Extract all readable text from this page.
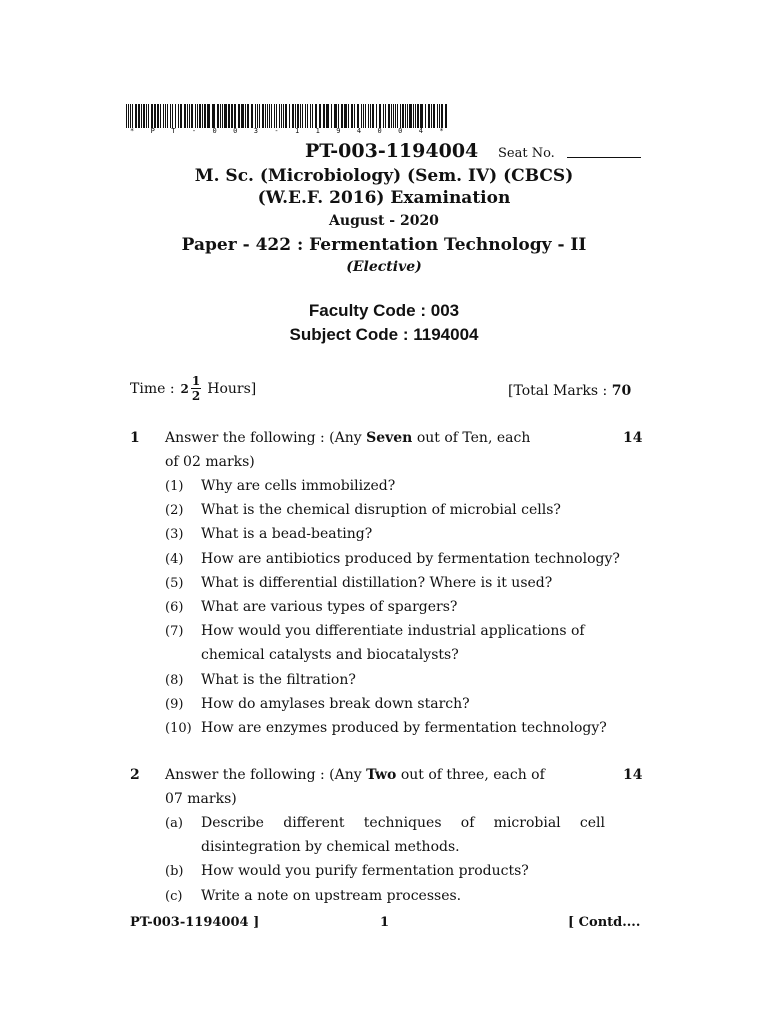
* P T - 0 0 3 - 1 1 9 4 0 0 4 *
PT-003-1194004 Seat No.
M. Sc. (Microbiology) (Sem. IV) (CBCS)
(W.E.F. 2016) Examination
August - 2020
Paper - 422 : Fermentation Technology - II
(Elective)
Faculty Code : 003
Subject Code : 1194004
Time : $2 \frac{1}{2}$ Hours]	[Total Marks : 70
1 Answer the following : (Any Seven out of Ten, each
of 02 marks)
14
(1) Why are cells immobilized?
(2) What is the chemical disruption of microbial cells?
(3) What is a bead-beating?
(4) How are antibiotics produced by fermentation technology?
(5) What is differential distillation? Where is it used?
(6) What are various types of spargers?
(7) How would you differentiate industrial applications of
chemical catalysts and biocatalysts?
(8) What is the filtration?
(9) How do amylases break down starch?
(10) How are enzymes produced by fermentation technology?
2 Answer the following : (Any Two out of three, each of
07 marks)
14
(a) Describe different techniques of microbial cell
disintegration by chemical methods.
(b) How would you purify fermentation products?
(c) Write a note on upstream processes.
PT-003-1194004 ]	1	[ Contd....
